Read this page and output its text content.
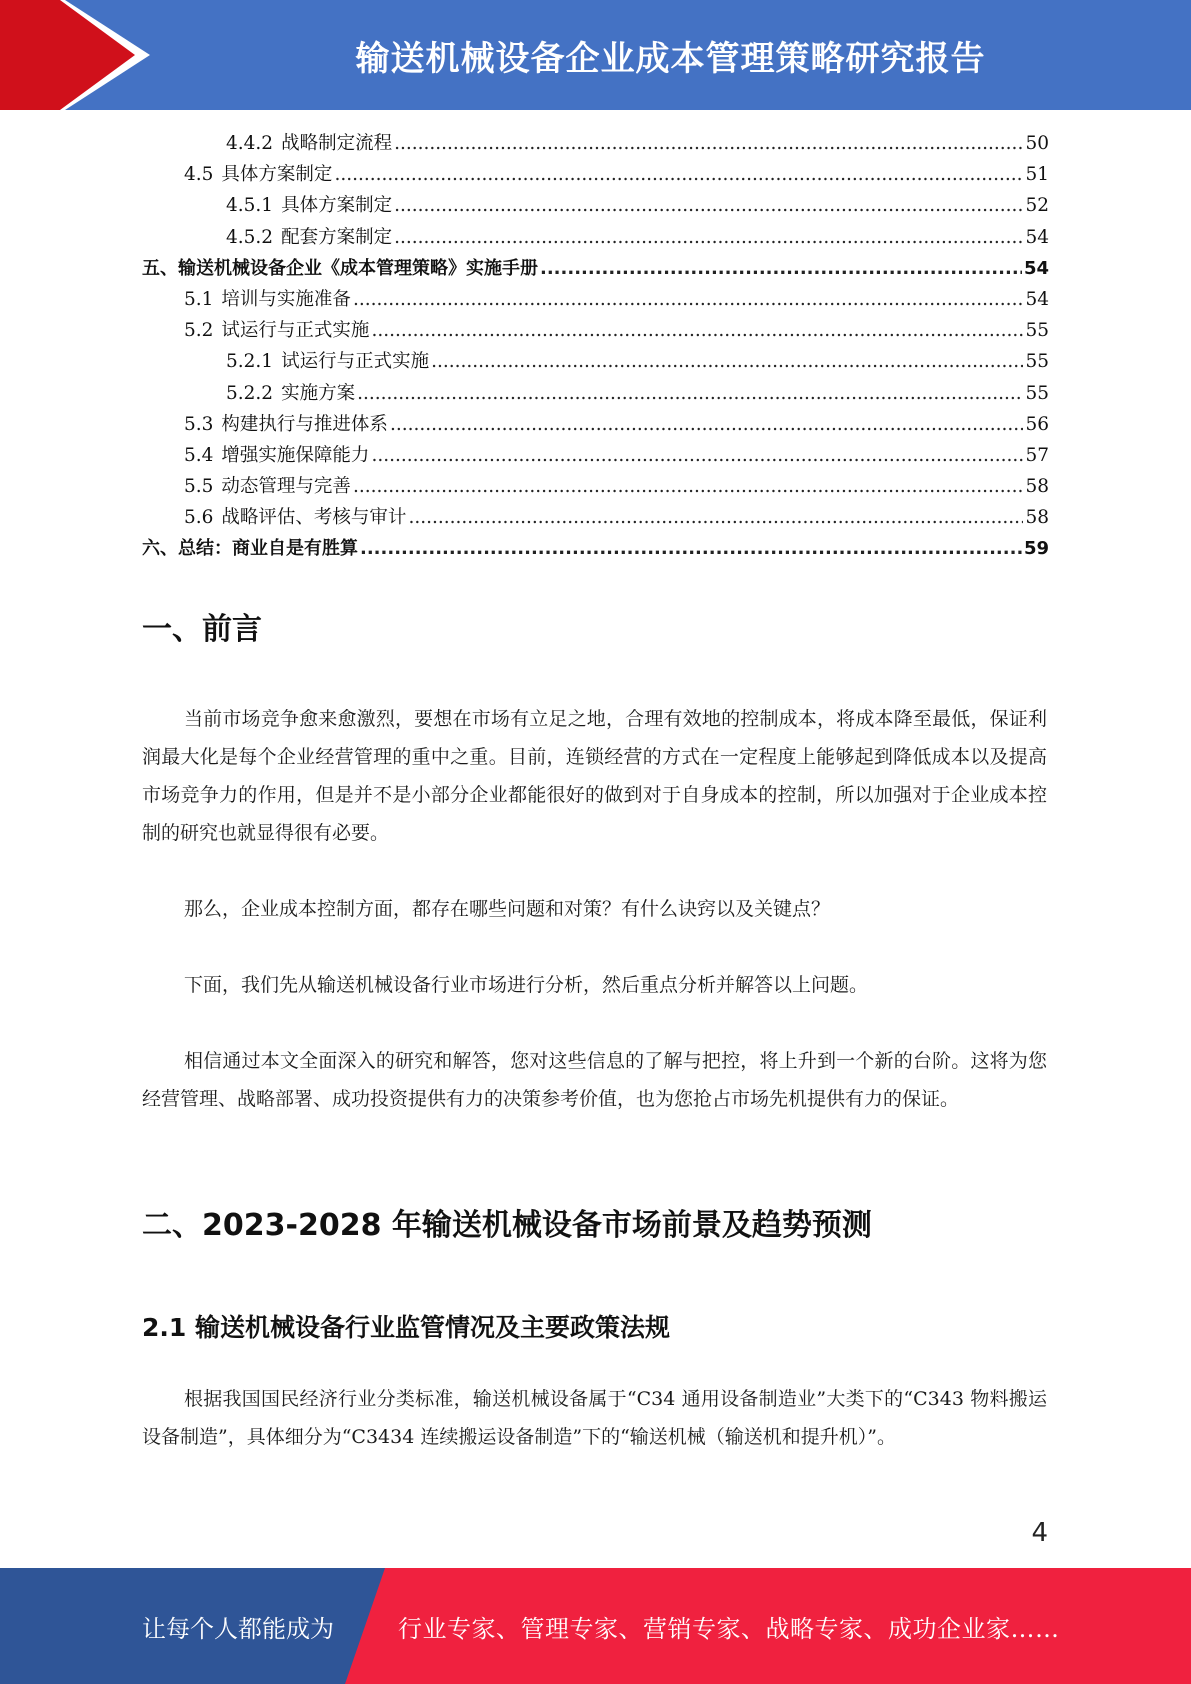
输送机械设备企业成本管理策略研究报告
4.4.2 战略制定流程 .....	50
4.5 具体方案制定 .....	51
4.5.1 具体方案制定 .....	52
4.5.2 配套方案制定 .....	54
五、输送机械设备企业《成本管理策略》实施手册 .....	54
5.1 培训与实施准备 .....	54
5.2 试运行与正式实施 .....	55
5.2.1 试运行与正式实施 .....	55
5.2.2 实施方案 .....	55
5.3 构建执行与推进体系 .....	56
5.4 增强实施保障能力 .....	57
5.5 动态管理与完善 .....	58
5.6 战略评估、考核与审计 .....	58
六、总结：商业自是有胜算 .....	59
一、前言
当前市场竞争愈来愈激烈，要想在市场有立足之地，合理有效地的控制成本，将成本降至最低，保证利润最大化是每个企业经营管理的重中之重。目前，连锁经营的方式在一定程度上能够起到降低成本以及提高市场竞争力的作用，但是并不是小部分企业都能很好的做到对于自身成本的控制，所以加强对于企业成本控制的研究也就显得很有必要。
那么，企业成本控制方面，都存在哪些问题和对策？有什么诀窍以及关键点？
下面，我们先从输送机械设备行业市场进行分析，然后重点分析并解答以上问题。
相信通过本文全面深入的研究和解答，您对这些信息的了解与把控，将上升到一个新的台阶。这将为您经营管理、战略部署、成功投资提供有力的决策参考价值，也为您抢占市场先机提供有力的保证。
二、2023-2028 年输送机械设备市场前景及趋势预测
2.1 输送机械设备行业监管情况及主要政策法规
根据我国国民经济行业分类标准，输送机械设备属于“C34 通用设备制造业”大类下的“C343 物料搬运设备制造”，具体细分为“C3434 连续搬运设备制造”下的“输送机械（输送机和提升机）”。
4
让每个人都能成为	行业专家、管理专家、营销专家、战略专家、成功企业家……
